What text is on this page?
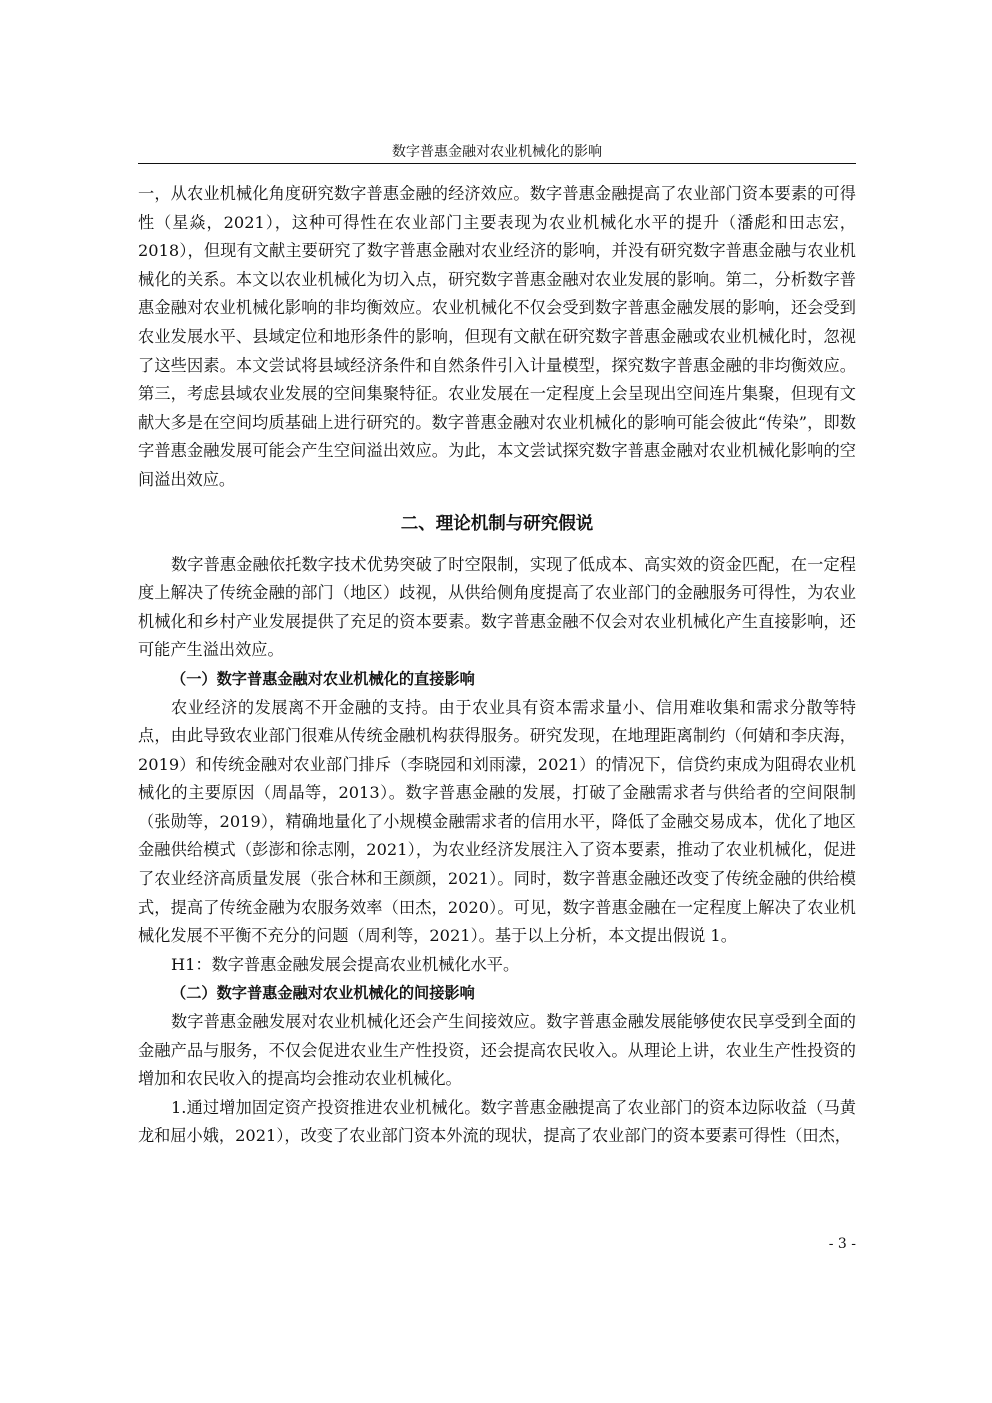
数字普惠金融对农业机械化的影响

一，从农业机械化角度研究数字普惠金融的经济效应。数字普惠金融提高了农业部门资本要素的可得性（星焱，2021），这种可得性在农业部门主要表现为农业机械化水平的提升（潘彪和田志宏，2018），但现有文献主要研究了数字普惠金融对农业经济的影响，并没有研究数字普惠金融与农业机械化的关系。本文以农业机械化为切入点，研究数字普惠金融对农业发展的影响。第二，分析数字普惠金融对农业机械化影响的非均衡效应。农业机械化不仅会受到数字普惠金融发展的影响，还会受到农业发展水平、县域定位和地形条件的影响，但现有文献在研究数字普惠金融或农业机械化时，忽视了这些因素。本文尝试将县域经济条件和自然条件引入计量模型，探究数字普惠金融的非均衡效应。第三，考虑县域农业发展的空间集聚特征。农业发展在一定程度上会呈现出空间连片集聚，但现有文献大多是在空间均质基础上进行研究的。数字普惠金融对农业机械化的影响可能会彼此“传染”，即数字普惠金融发展可能会产生空间溢出效应。为此，本文尝试探究数字普惠金融对农业机械化影响的空间溢出效应。

二、理论机制与研究假说

数字普惠金融依托数字技术优势突破了时空限制，实现了低成本、高实效的资金匹配，在一定程度上解决了传统金融的部门（地区）歧视，从供给侧角度提高了农业部门的金融服务可得性，为农业机械化和乡村产业发展提供了充足的资本要素。数字普惠金融不仅会对农业机械化产生直接影响，还可能产生溢出效应。

（一）数字普惠金融对农业机械化的直接影响

农业经济的发展离不开金融的支持。由于农业具有资本需求量小、信用难收集和需求分散等特点，由此导致农业部门很难从传统金融机构获得服务。研究发现，在地理距离制约（何婧和李庆海，2019）和传统金融对农业部门排斥（李晓园和刘雨濛，2021）的情况下，信贷约束成为阻碍农业机械化的主要原因（周晶等，2013）。数字普惠金融的发展，打破了金融需求者与供给者的空间限制（张勋等，2019），精确地量化了小规模金融需求者的信用水平，降低了金融交易成本，优化了地区金融供给模式（彭澎和徐志刚，2021），为农业经济发展注入了资本要素，推动了农业机械化，促进了农业经济高质量发展（张合林和王颜颜，2021）。同时，数字普惠金融还改变了传统金融的供给模式，提高了传统金融为农服务效率（田杰，2020）。可见，数字普惠金融在一定程度上解决了农业机械化发展不平衡不充分的问题（周利等，2021）。基于以上分析，本文提出假说 1。

H1：数字普惠金融发展会提高农业机械化水平。

（二）数字普惠金融对农业机械化的间接影响

数字普惠金融发展对农业机械化还会产生间接效应。数字普惠金融发展能够使农民享受到全面的金融产品与服务，不仅会促进农业生产性投资，还会提高农民收入。从理论上讲，农业生产性投资的增加和农民收入的提高均会推动农业机械化。

1.通过增加固定资产投资推进农业机械化。数字普惠金融提高了农业部门的资本边际收益（马黄龙和屈小娥，2021），改变了农业部门资本外流的现状，提高了农业部门的资本要素可得性（田杰，

- 3 -
